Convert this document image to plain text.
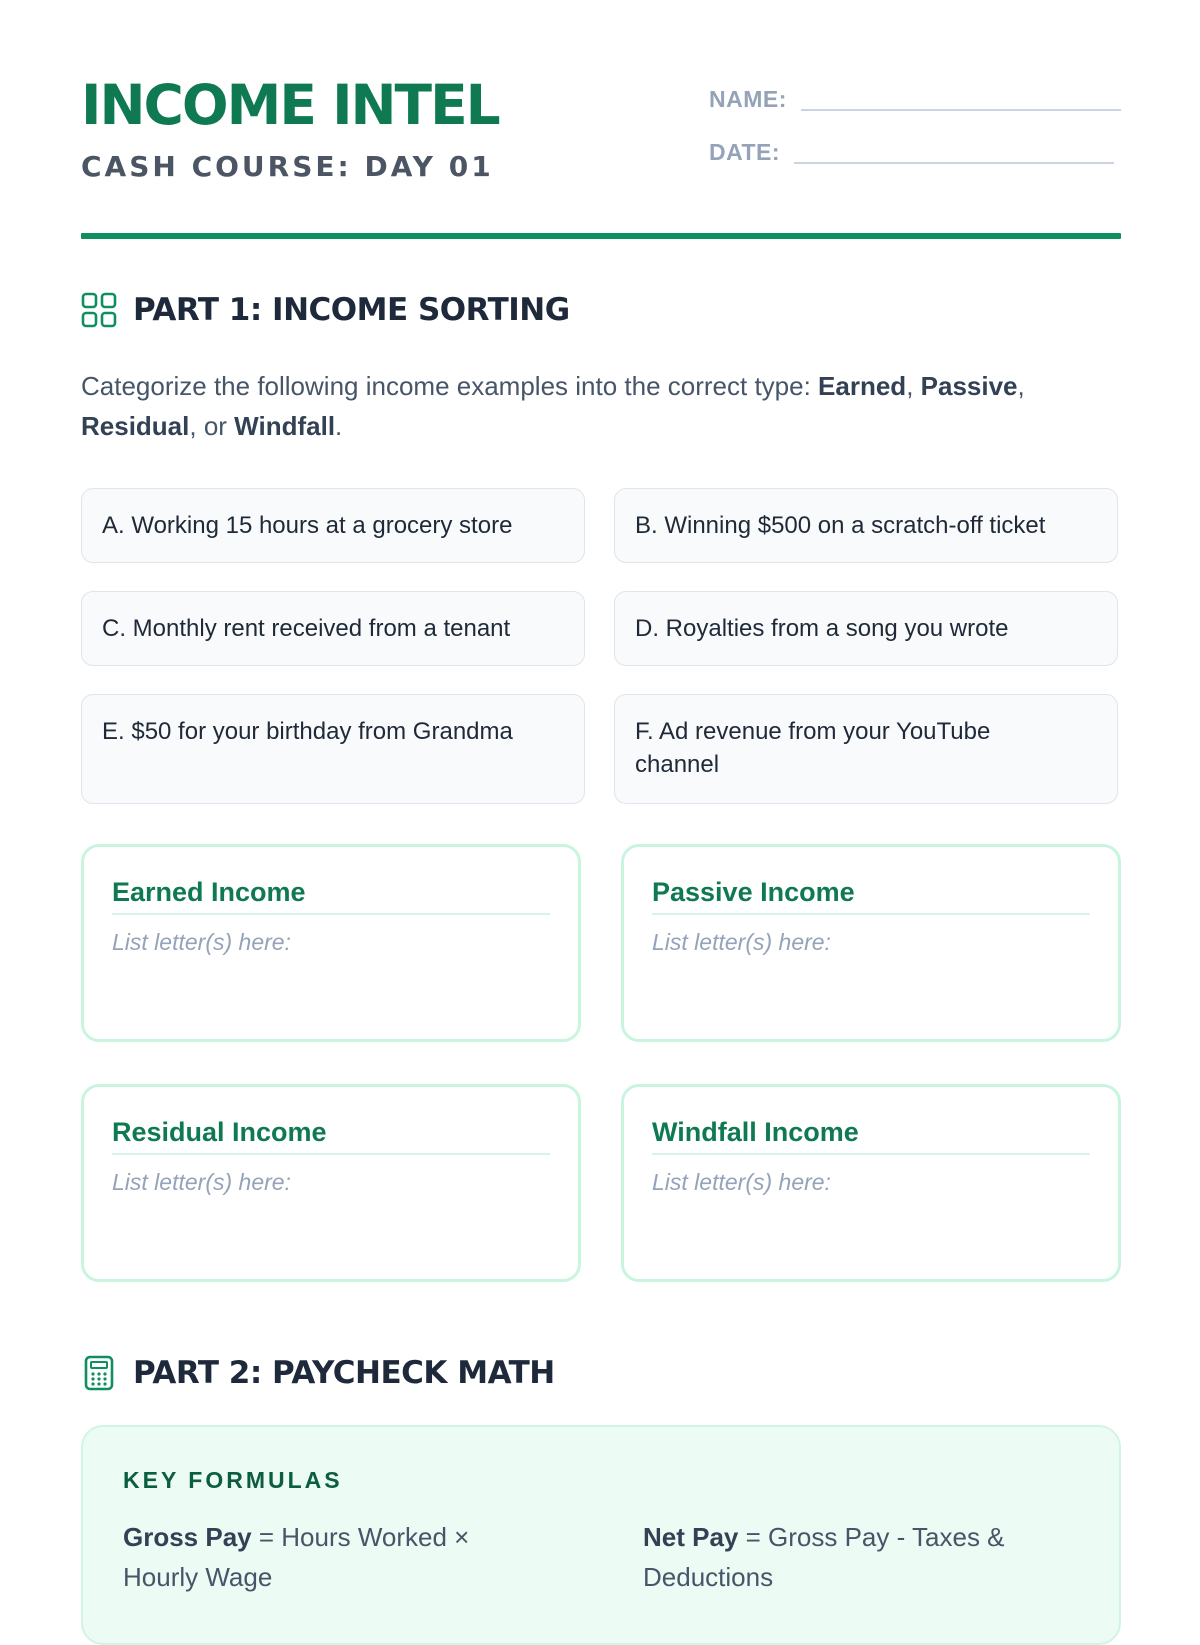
INCOME INTEL
CASH COURSE: DAY 01
NAME:
DATE:
PART 1: INCOME SORTING
Categorize the following income examples into the correct type: Earned, Passive,
Residual, or Windfall.
A. Working 15 hours at a grocery store	B. Winning $500 on a scratch-off ticket
C. Monthly rent received from a tenant	D. Royalties from a song you wrote
E. $50 for your birthday from Grandma	F. Ad revenue from your YouTube channel
Earned Income
List letter(s) here:
Passive Income
List letter(s) here:
Residual Income
List letter(s) here:
Windfall Income
List letter(s) here:
PART 2: PAYCHECK MATH
KEY FORMULAS
Gross Pay = Hours Worked × Hourly Wage
Net Pay = Gross Pay - Taxes & Deductions
